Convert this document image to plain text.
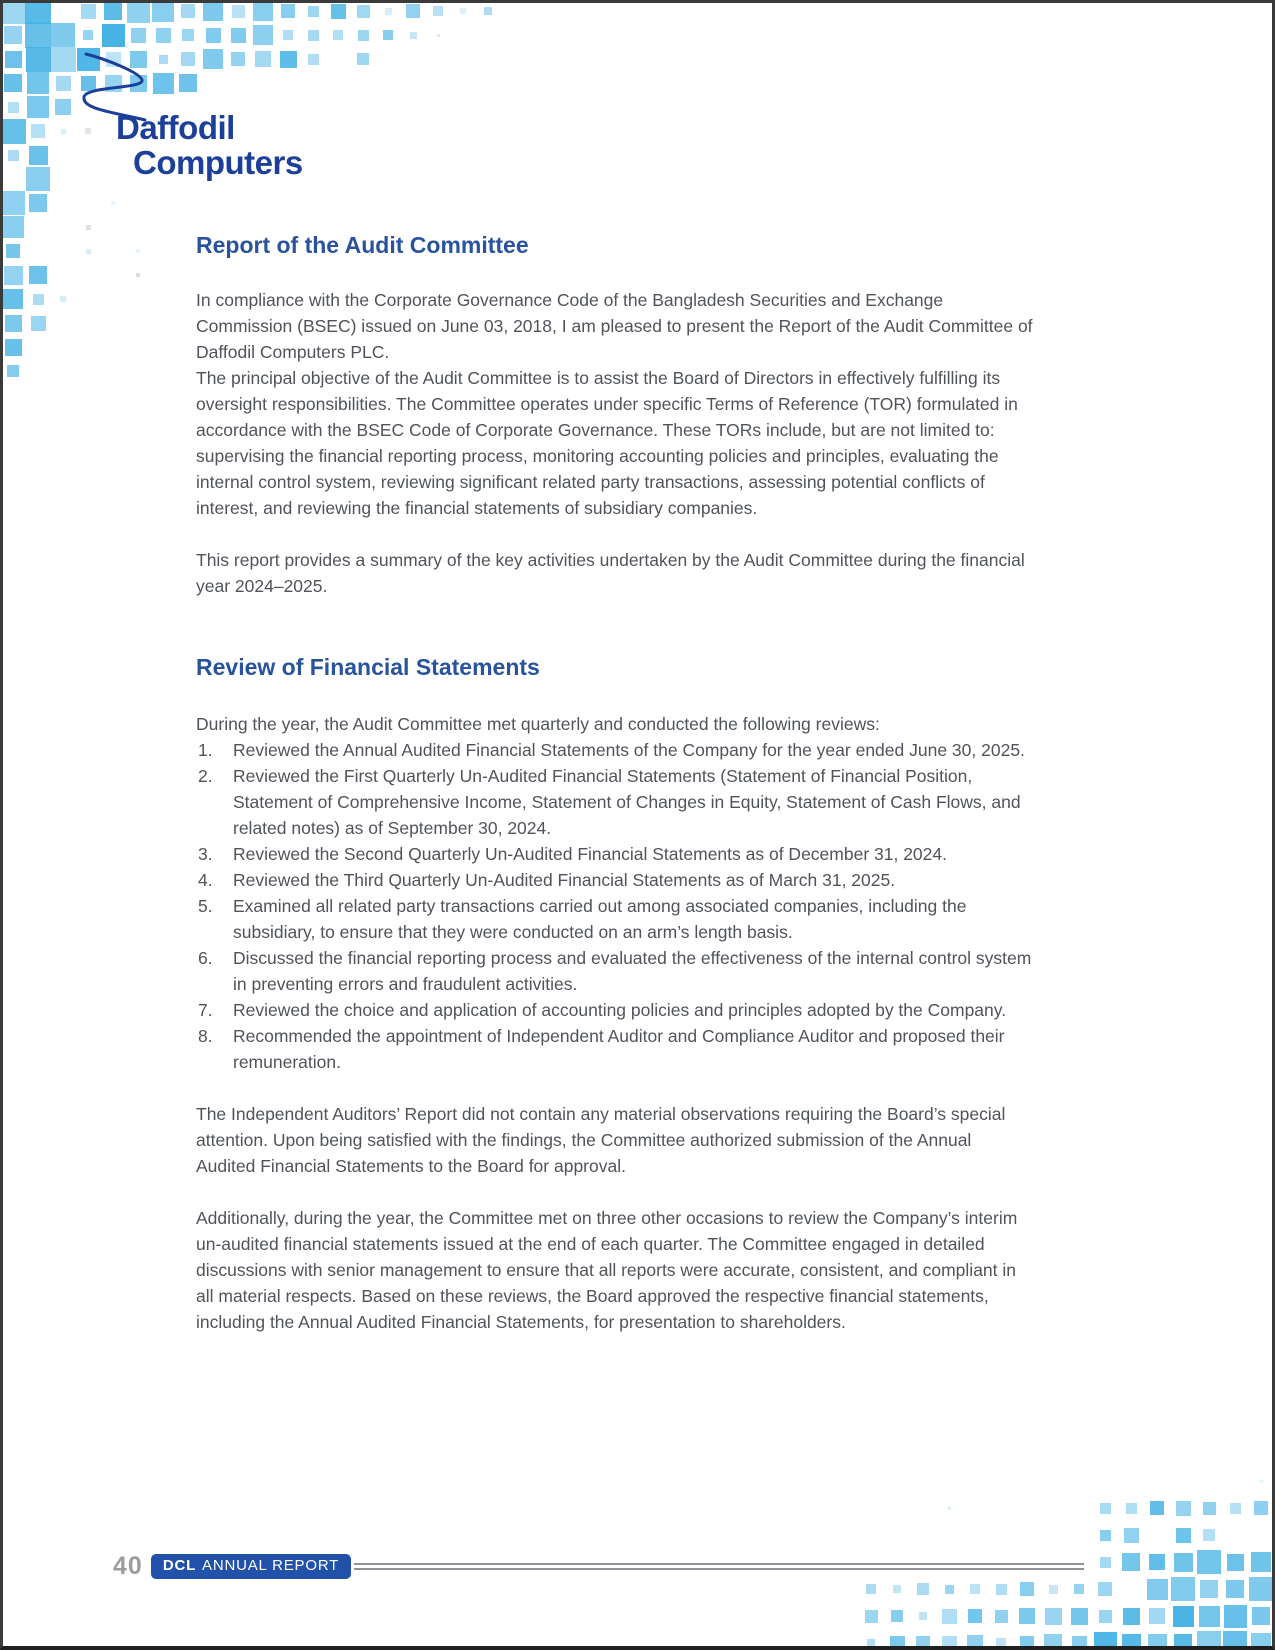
Daffodil
Computers
Report of the Audit Committee

In compliance with the Corporate Governance Code of the Bangladesh Securities and Exchange Commission (BSEC) issued on June 03, 2018, I am pleased to present the Report of the Audit Committee of Daffodil Computers PLC.

The principal objective of the Audit Committee is to assist the Board of Directors in effectively fulfilling its oversight responsibilities. The Committee operates under specific Terms of Reference (TOR) formulated in accordance with the BSEC Code of Corporate Governance. These TORs include, but are not limited to: supervising the financial reporting process, monitoring accounting policies and principles, evaluating the internal control system, reviewing significant related party transactions, assessing potential conflicts of interest, and reviewing the financial statements of subsidiary companies.

This report provides a summary of the key activities undertaken by the Audit Committee during the financial year 2024–2025.

Review of Financial Statements

During the year, the Audit Committee met quarterly and conducted the following reviews:

Reviewed the Annual Audited Financial Statements of the Company for the year ended June 30, 2025.
Reviewed the First Quarterly Un-Audited Financial Statements (Statement of Financial Position, Statement of Comprehensive Income, Statement of Changes in Equity, Statement of Cash Flows, and related notes) as of September 30, 2024.
Reviewed the Second Quarterly Un-Audited Financial Statements as of December 31, 2024.
Reviewed the Third Quarterly Un-Audited Financial Statements as of March 31, 2025.
Examined all related party transactions carried out among associated companies, including the subsidiary, to ensure that they were conducted on an arm’s length basis.
Discussed the financial reporting process and evaluated the effectiveness of the internal control system in preventing errors and fraudulent activities.
Reviewed the choice and application of accounting policies and principles adopted by the Company.
Recommended the appointment of Independent Auditor and Compliance Auditor and proposed their remuneration.

The Independent Auditors’ Report did not contain any material observations requiring the Board’s special attention. Upon being satisfied with the findings, the Committee authorized submission of the Annual Audited Financial Statements to the Board for approval.

Additionally, during the year, the Committee met on three other occasions to review the Company’s interim un-audited financial statements issued at the end of each quarter. The Committee engaged in detailed discussions with senior management to ensure that all reports were accurate, consistent, and compliant in all material respects. Based on these reviews, the Board approved the respective financial statements, including the Annual Audited Financial Statements, for presentation to shareholders.

40 DCL ANNUAL REPORT
